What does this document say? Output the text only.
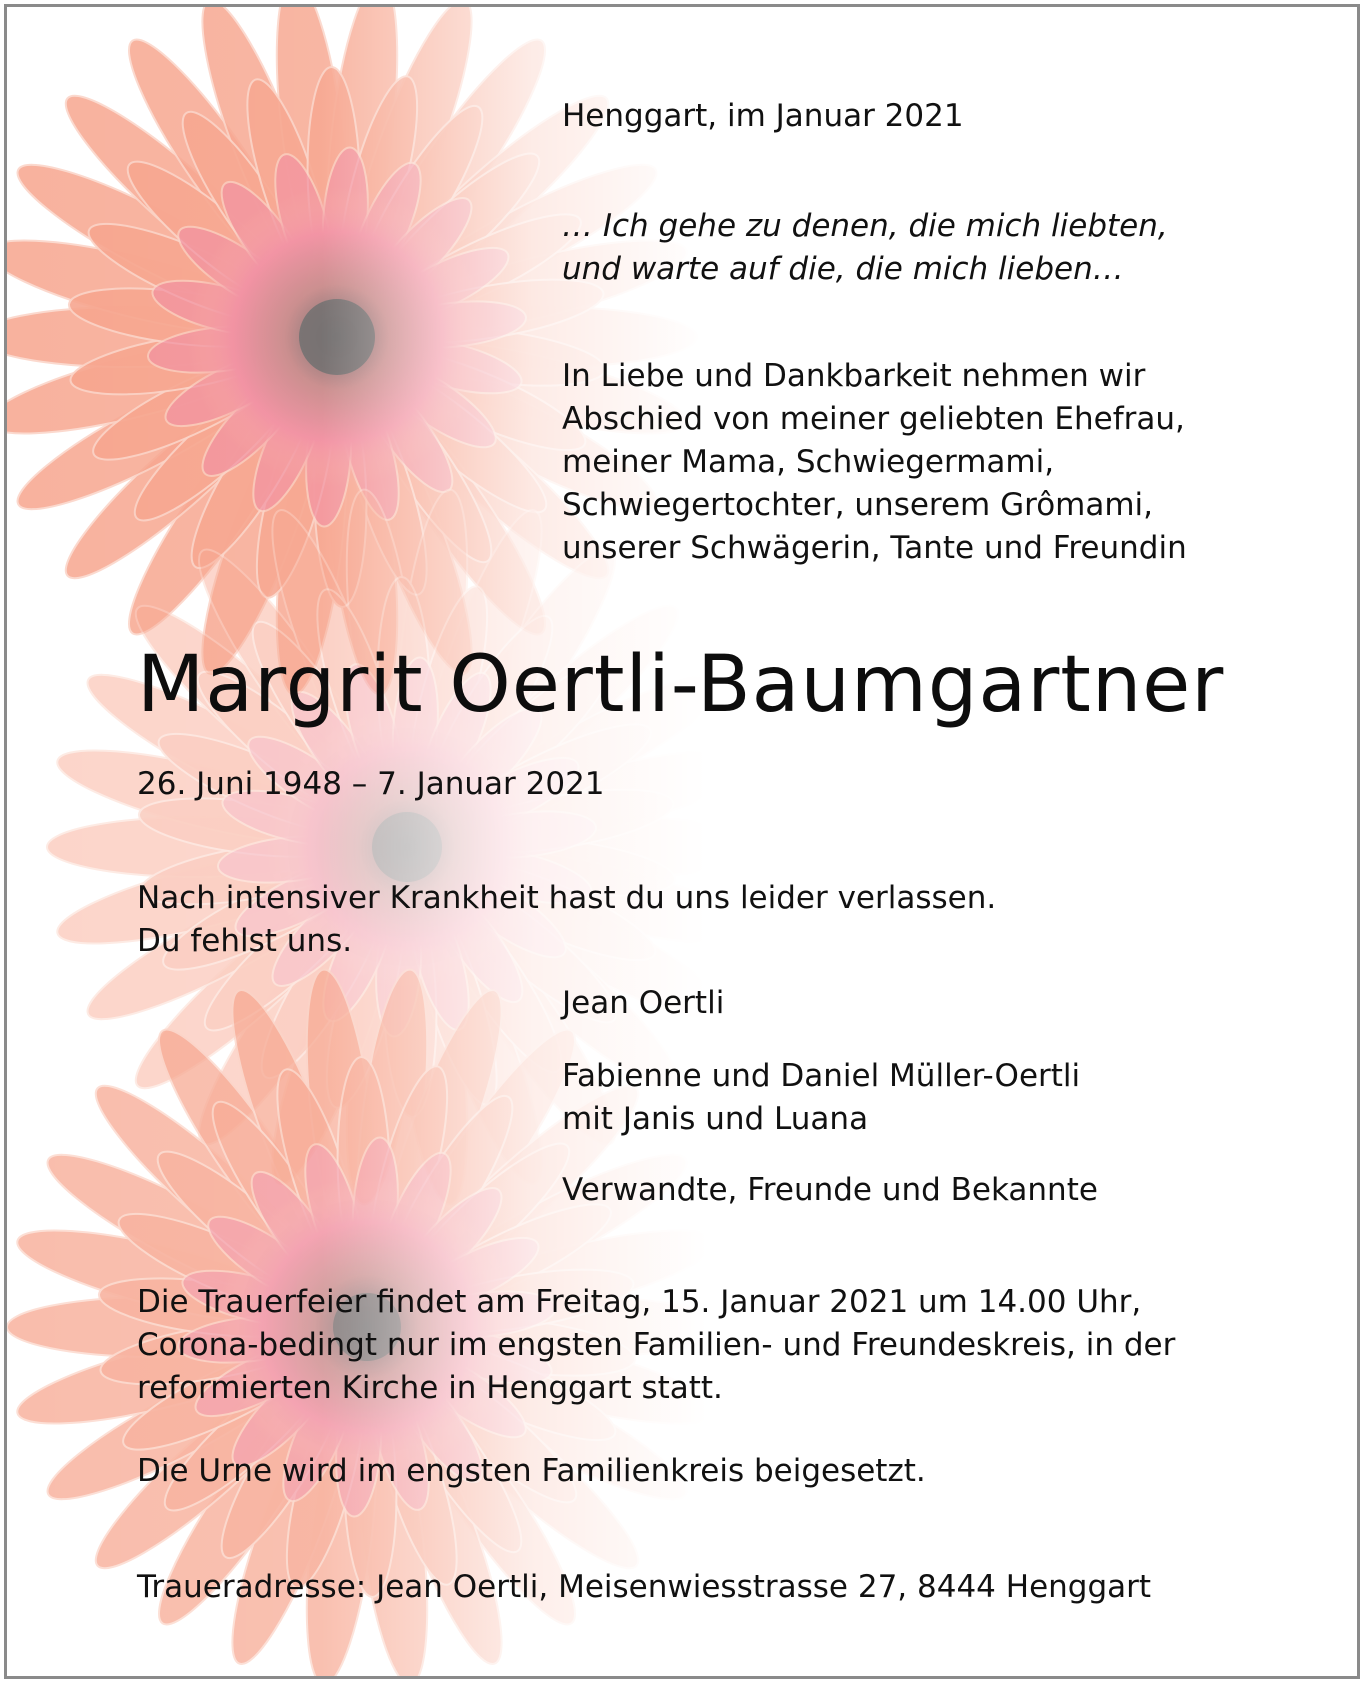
Henggart, im Januar 2021

… Ich gehe zu denen, die mich liebten,
und warte auf die, die mich lieben…
In Liebe und Dankbarkeit nehmen wir
Abschied von meiner geliebten Ehefrau,
meiner Mama, Schwiegermami,
Schwiegertochter, unserem Grômami,
unserer Schwägerin, Tante und Freundin
Margrit Oertli-Baumgartner

26. Juni 1948 – 7. Januar 2021

Nach intensiver Krankheit hast du uns leider verlassen.
Du fehlst uns.
Jean Oertli
Fabienne und Daniel Müller-Oertli
mit Janis und Luana
Verwandte, Freunde und Bekannte
Die Trauerfeier findet am Freitag, 15. Januar 2021 um 14.00 Uhr,
Corona-bedingt nur im engsten Familien- und Freundeskreis, in der
reformierten Kirche in Henggart statt.

Die Urne wird im engsten Familienkreis beigesetzt.

Traueradresse: Jean Oertli, Meisenwiesstrasse 27, 8444 Henggart
